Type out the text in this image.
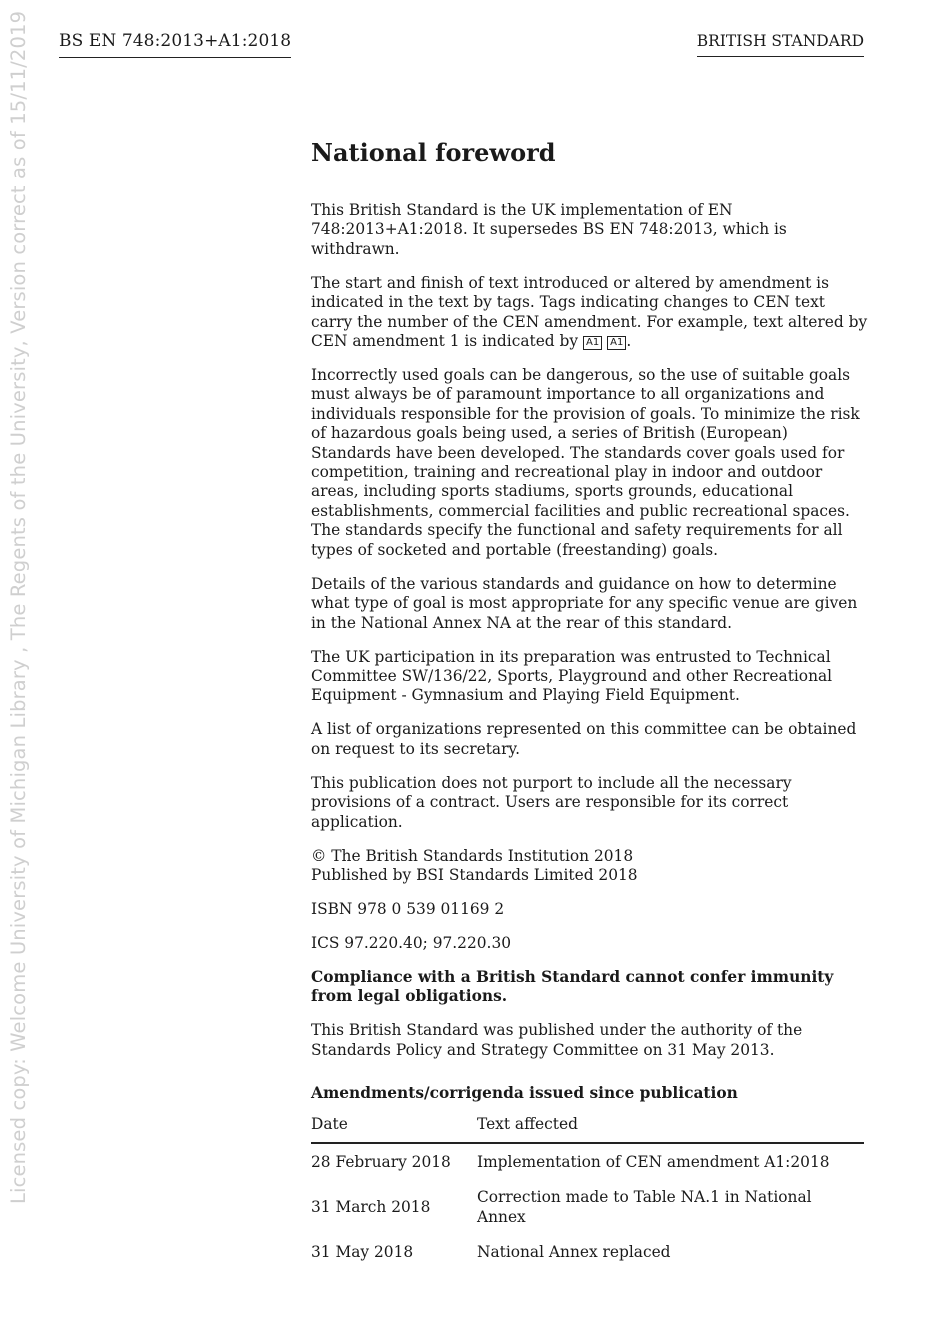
BS EN 748:2013+A1:2018	BRITISH STANDARD
Licensed copy: Welcome University of Michigan Library , The Regents of the University, Version correct as of 15/11/2019	National foreword

This British Standard is the UK implementation of EN 748:2013+A1:2018. It supersedes BS EN 748:2013, which is withdrawn.

The start and finish of text introduced or altered by amendment is indicated in the text by tags. Tags indicating changes to CEN text carry the number of the CEN amendment. For example, text altered by CEN amendment 1 is indicated by A1 A1 .

Incorrectly used goals can be dangerous, so the use of suitable goals must always be of paramount importance to all organizations and individuals responsible for the provision of goals. To minimize the risk of hazardous goals being used, a series of British (European) Standards have been developed. The standards cover goals used for competition, training and recreational play in indoor and outdoor areas, including sports stadiums, sports grounds, educational establishments, commercial facilities and public recreational spaces. The standards specify the functional and safety requirements for all types of socketed and portable (freestanding) goals.

Details of the various standards and guidance on how to determine what type of goal is most appropriate for any specific venue are given in the National Annex NA at the rear of this standard.

The UK participation in its preparation was entrusted to Technical Committee SW/136/22, Sports, Playground and other Recreational Equipment - Gymnasium and Playing Field Equipment.

A list of organizations represented on this committee can be obtained on request to its secretary.

This publication does not purport to include all the necessary provisions of a contract. Users are responsible for its correct application.

© The British Standards Institution 2018
Published by BSI Standards Limited 2018

ISBN 978 0 539 01169 2

ICS 97.220.40; 97.220.30

Compliance with a British Standard cannot confer immunity from legal obligations.

This British Standard was published under the authority of the Standards Policy and Strategy Committee on 31 May 2013.

Amendments/corrigenda issued since publication

Date	Text affected
28 February 2018	Implementation of CEN amendment A1:2018
31 March 2018	Correction made to Table NA.1 in National Annex
31 May 2018	National Annex replaced
